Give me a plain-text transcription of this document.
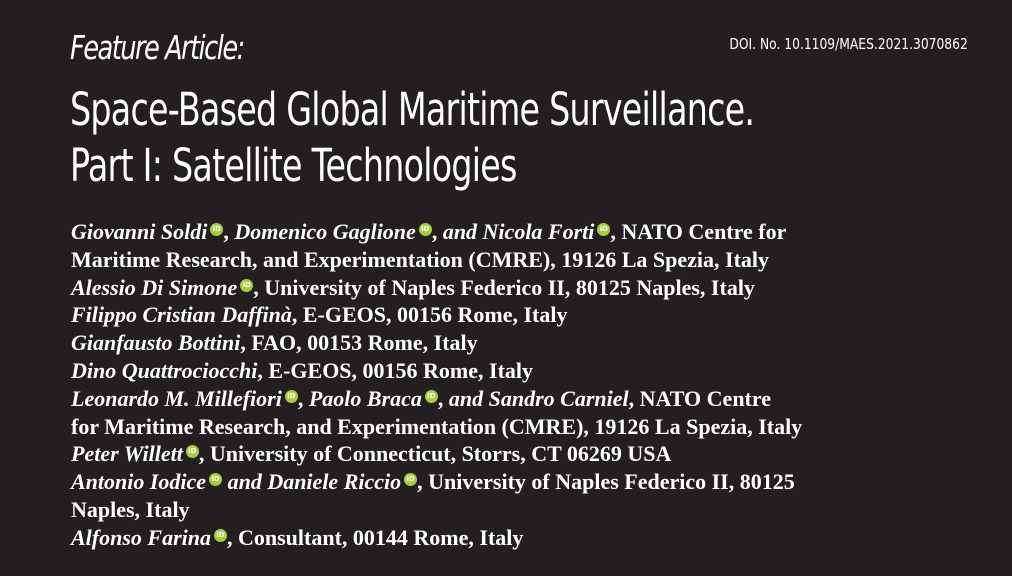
Feature Article:	DOI. No. 10.1109/MAES.2021.3070862
Space-Based Global Maritime Surveillance.
Part I: Satellite Technologies
Giovanni Soldi iD , Domenico Gaglione iD , and Nicola Forti iD , NATO Centre for
Maritime Research, and Experimentation (CMRE), 19126 La Spezia, Italy
Alessio Di Simone iD , University of Naples Federico II, 80125 Naples, Italy
Filippo Cristian Daffinà, E-GEOS, 00156 Rome, Italy
Gianfausto Bottini, FAO, 00153 Rome, Italy
Dino Quattrociocchi, E-GEOS, 00156 Rome, Italy
Leonardo M. Millefiori iD , Paolo Braca iD , and Sandro Carniel, NATO Centre
for Maritime Research, and Experimentation (CMRE), 19126 La Spezia, Italy
Peter Willett iD , University of Connecticut, Storrs, CT 06269 USA
Antonio Iodice iD and Daniele Riccio iD , University of Naples Federico II, 80125
Naples, Italy
Alfonso Farina iD , Consultant, 00144 Rome, Italy
